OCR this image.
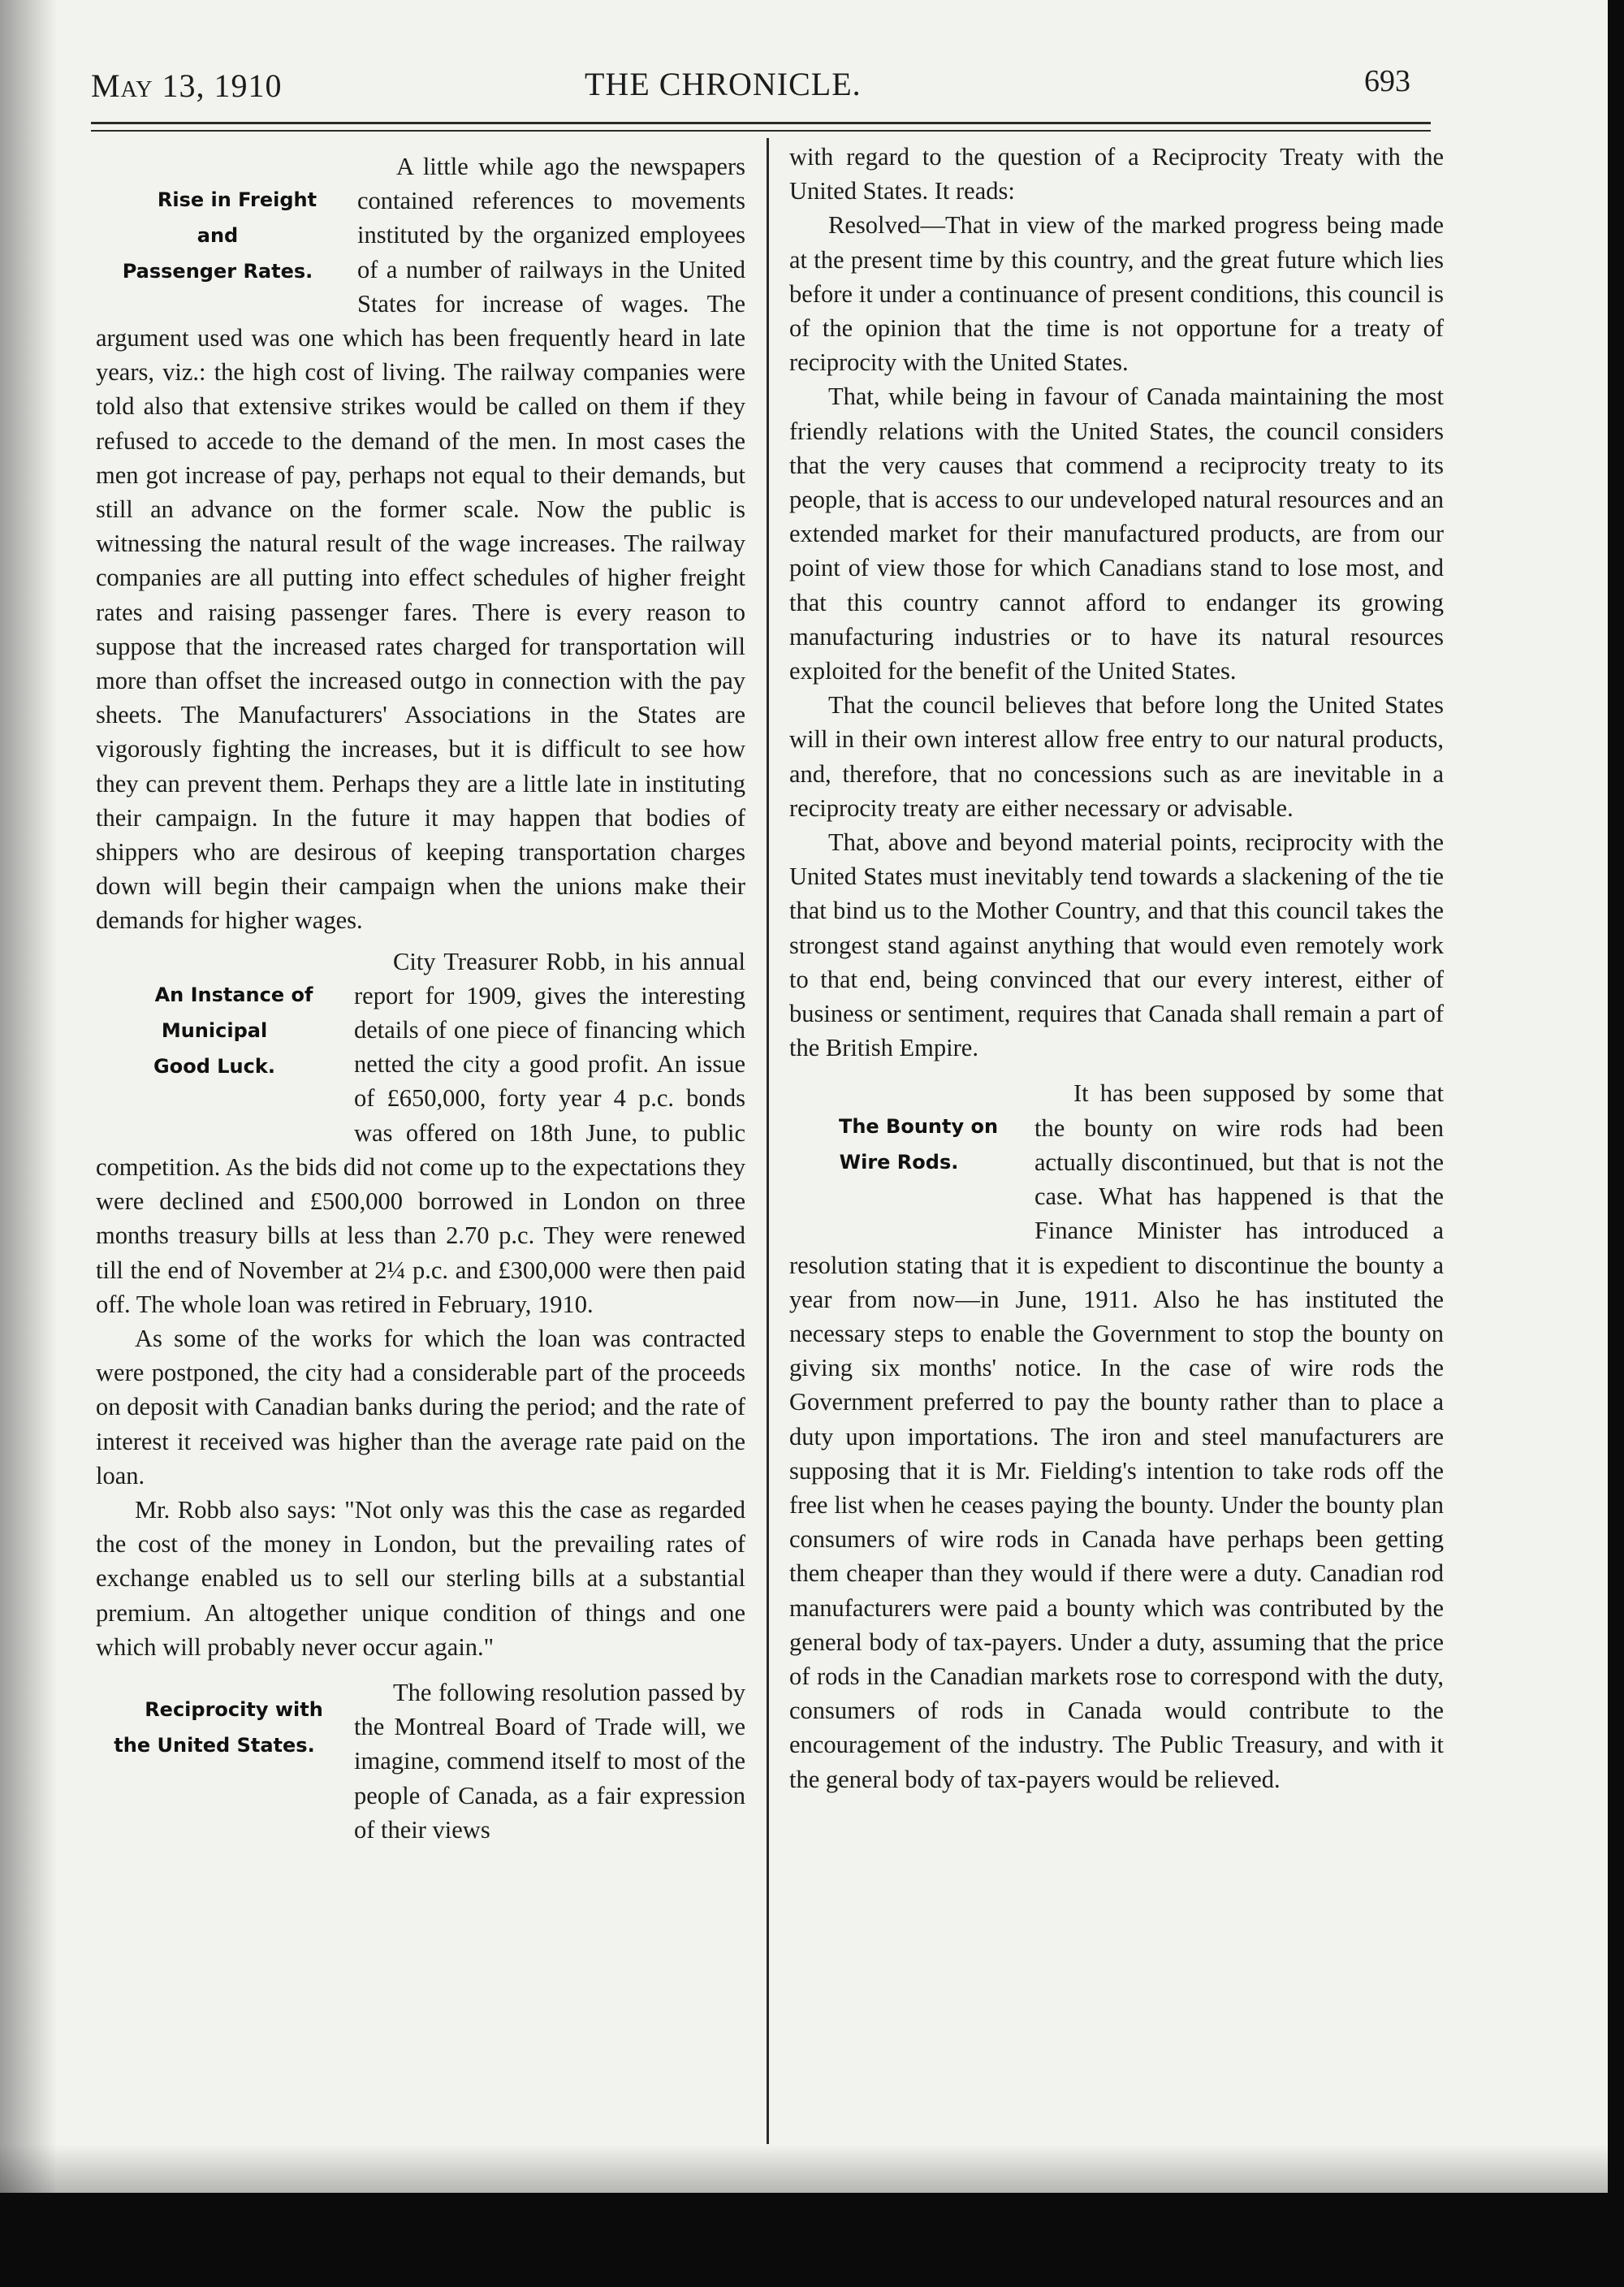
May 13, 1910	THE CHRONICLE.	693

Rise in Freight and
Passenger Rates.
A little while ago the newspapers contained references to movements instituted by the organized employees of a number of railways in the United States for increase of wages. The argument used was one which has been frequently heard in late years, viz.: the high cost of living. The railway companies were told also that extensive strikes would be called on them if they refused to accede to the demand of the men. In most cases the men got increase of pay, perhaps not equal to their demands, but still an advance on the former scale. Now the public is witnessing the natural result of the wage increases. The railway companies are all putting into effect schedules of higher freight rates and raising passenger fares. There is every reason to suppose that the increased rates charged for transportation will more than offset the increased outgo in connection with the pay sheets. The Manufacturers' Associations in the States are vigorously fighting the increases, but it is difficult to see how they can prevent them. Perhaps they are a little late in instituting their campaign. In the future it may happen that bodies of shippers who are desirous of keeping transportation charges down will begin their campaign when the unions make their demands for higher wages.

An Instance of
Municipal
Good Luck.
City Treasurer Robb, in his annual report for 1909, gives the interesting details of one piece of financing which netted the city a good profit. An issue of £650,000, forty year 4 p.c. bonds was offered on 18th June, to public competition. As the bids did not come up to the expectations they were declined and £500,000 borrowed in London on three months treasury bills at less than 2.70 p.c. They were renewed till the end of November at 2¼ p.c. and £300,000 were then paid off. The whole loan was retired in February, 1910.

As some of the works for which the loan was contracted were postponed, the city had a considerable part of the proceeds on deposit with Canadian banks during the period; and the rate of interest it received was higher than the average rate paid on the loan.

Mr. Robb also says: "Not only was this the case as regarded the cost of the money in London, but the prevailing rates of exchange enabled us to sell our sterling bills at a substantial premium. An altogether unique condition of things and one which will probably never occur again."

Reciprocity with
the United States.
The following resolution passed by the Montreal Board of Trade will, we imagine, commend itself to most of the people of Canada, as a fair expression of their views

with regard to the question of a Reciprocity Treaty with the United States. It reads:

Resolved—That in view of the marked progress being made at the present time by this country, and the great future which lies before it under a continuance of present conditions, this council is of the opinion that the time is not opportune for a treaty of reciprocity with the United States.

That, while being in favour of Canada maintaining the most friendly relations with the United States, the council considers that the very causes that commend a reciprocity treaty to its people, that is access to our undeveloped natural resources and an extended market for their manufactured products, are from our point of view those for which Canadians stand to lose most, and that this country cannot afford to endanger its growing manufacturing industries or to have its natural resources exploited for the benefit of the United States.

That the council believes that before long the United States will in their own interest allow free entry to our natural products, and, therefore, that no concessions such as are inevitable in a reciprocity treaty are either necessary or advisable.

That, above and beyond material points, reciprocity with the United States must inevitably tend towards a slackening of the tie that bind us to the Mother Country, and that this council takes the strongest stand against anything that would even remotely work to that end, being convinced that our every interest, either of business or sentiment, requires that Canada shall remain a part of the British Empire.

The Bounty on
Wire Rods.
It has been supposed by some that the bounty on wire rods had been actually discontinued, but that is not the case. What has happened is that the Finance Minister has introduced a resolution stating that it is expedient to discontinue the bounty a year from now—in June, 1911. Also he has instituted the necessary steps to enable the Government to stop the bounty on giving six months' notice. In the case of wire rods the Government preferred to pay the bounty rather than to place a duty upon importations. The iron and steel manufacturers are supposing that it is Mr. Fielding's intention to take rods off the free list when he ceases paying the bounty. Under the bounty plan consumers of wire rods in Canada have perhaps been getting them cheaper than they would if there were a duty. Canadian rod manufacturers were paid a bounty which was contributed by the general body of tax-payers. Under a duty, assuming that the price of rods in the Canadian markets rose to correspond with the duty, consumers of rods in Canada would contribute to the encouragement of the industry. The Public Treasury, and with it the general body of tax-payers would be relieved.
